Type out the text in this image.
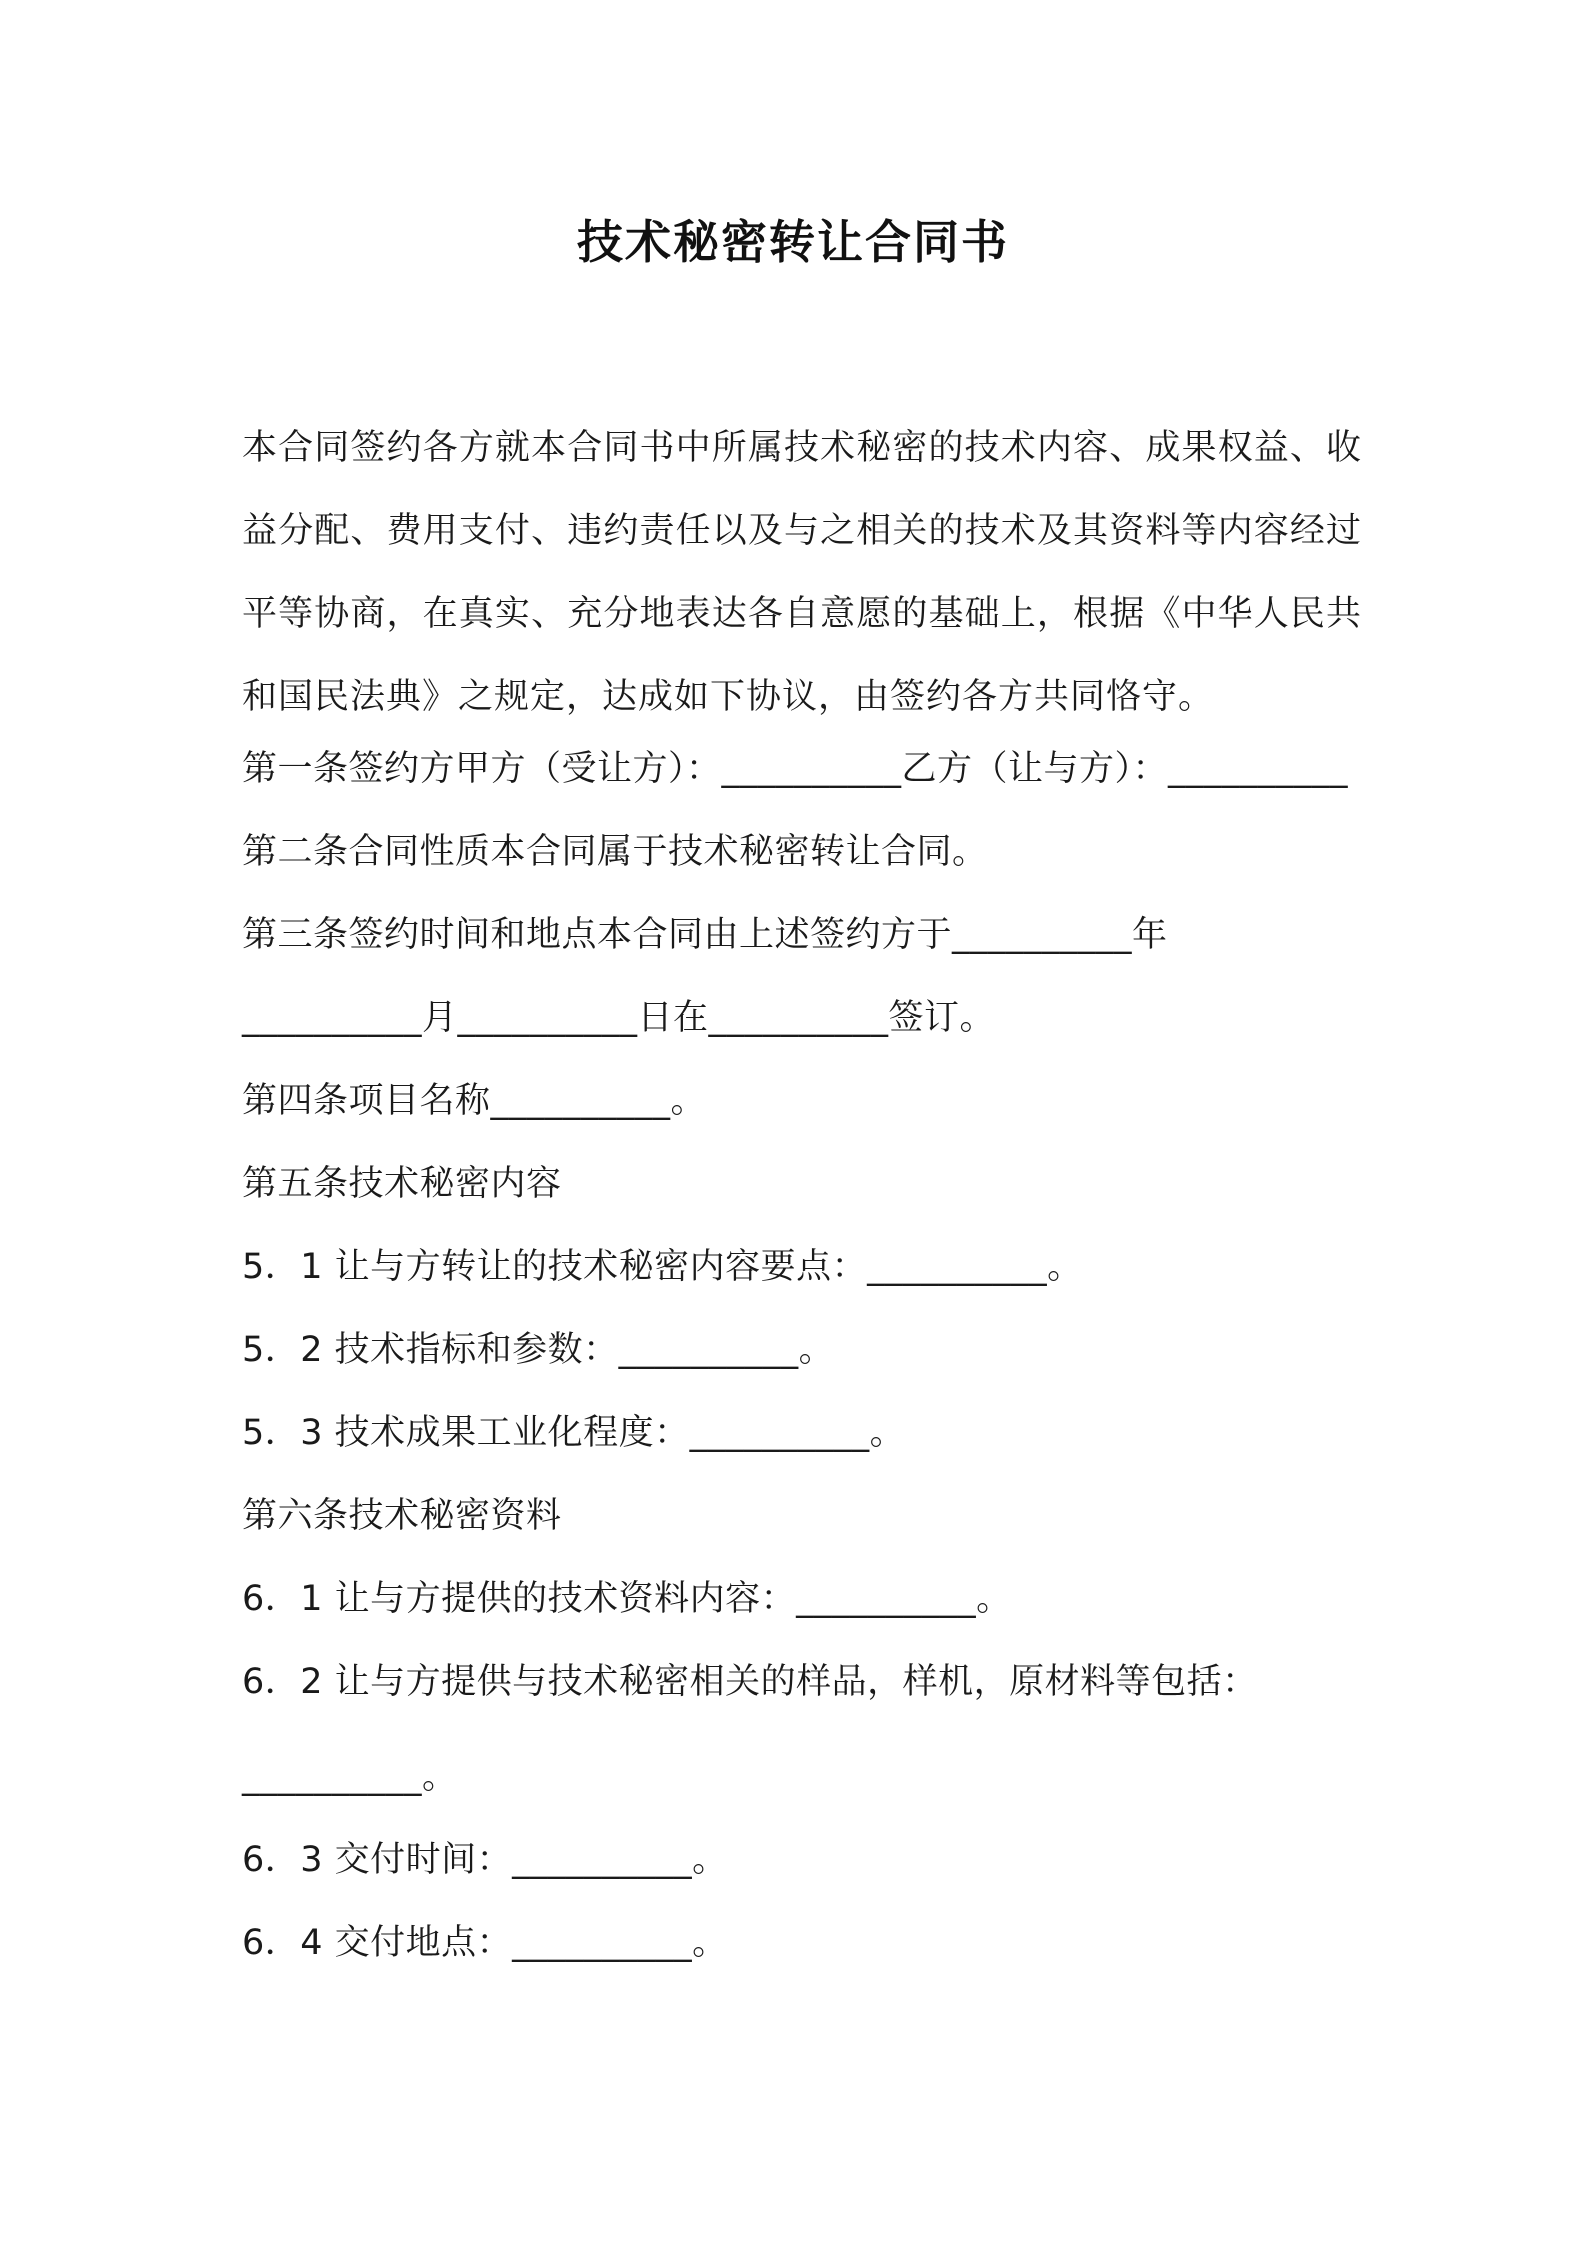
技术秘密转让合同书
本合同签约各方就本合同书中所属技术秘密的技术内容、成果权益、收益分配、费用支付、违约责任以及与之相关的技术及其资料等内容经过平等协商，在真实、充分地表达各自意愿的基础上，根据《中华人民共和国民法典》之规定，达成如下协议，由签约各方共同恪守。
第一条签约方甲方（受让方）：__________乙方（让与方）：__________
第二条合同性质本合同属于技术秘密转让合同。
第三条签约时间和地点本合同由上述签约方于__________年
__________月__________日在__________签订。
第四条项目名称__________。
第五条技术秘密内容
5．1 让与方转让的技术秘密内容要点：__________。
5．2 技术指标和参数：__________。
5．3 技术成果工业化程度：__________。
第六条技术秘密资料
6．1 让与方提供的技术资料内容：__________。
6．2 让与方提供与技术秘密相关的样品，样机，原材料等包括：
__________。
6．3 交付时间：__________。
6．4 交付地点：__________。
